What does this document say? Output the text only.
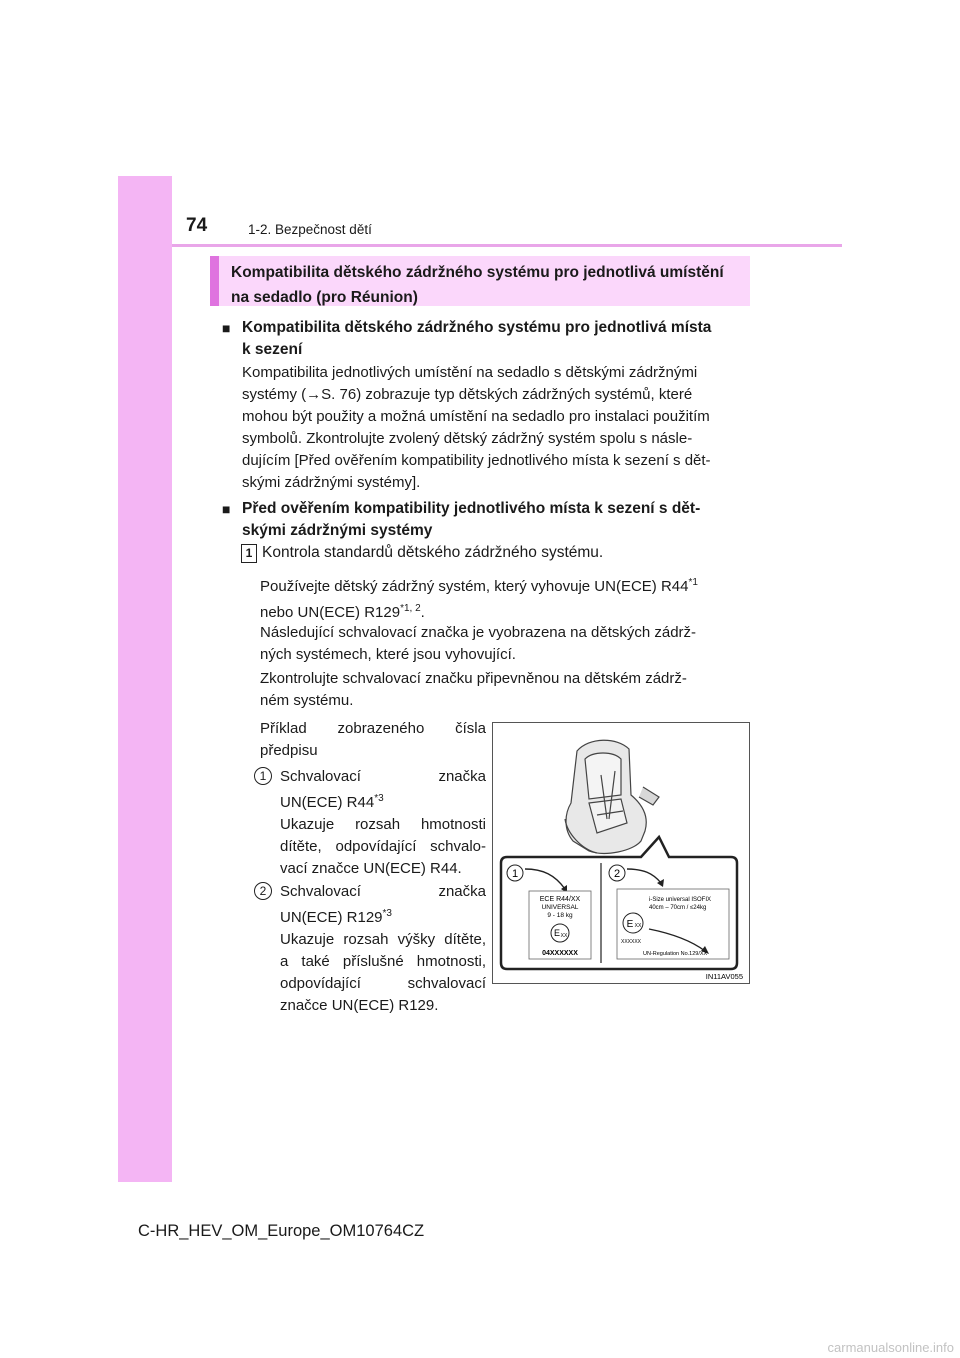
74	1-2. Bezpečnost dětí
Kompatibilita dětského zádržného systému pro jednotlivá umístění
na sedadlo (pro Réunion)
■ Kompatibilita dětského zádržného systému pro jednotlivá místa
k sezení
Kompatibilita jednotlivých umístění na sedadlo s dětskými zádržnými
systémy (→S. 76) zobrazuje typ dětských zádržných systémů, které
mohou být použity a možná umístění na sedadlo pro instalaci použitím
symbolů. Zkontrolujte zvolený dětský zádržný systém spolu s násle-
dujícím [Před ověřením kompatibility jednotlivého místa k sezení s dět-
skými zádržnými systémy].
■ Před ověřením kompatibility jednotlivého místa k sezení s dět-
skými zádržnými systémy
1 Kontrola standardů dětského zádržného systému.
Používejte dětský zádržný systém, který vyhovuje UN(ECE) R44$^{*1}$
nebo UN(ECE) R129$^{*1, 2}$.
Následující schvalovací značka je vyobrazena na dětských zádrž-
ných systémech, které jsou vyhovující.
Zkontrolujte schvalovací značku připevněnou na dětském zádrž-
ném systému.
Příklad zobrazeného čísla
předpisu
1 Schvalovací značka
UN(ECE) R44$^{*3}$
Ukazuje rozsah hmotnosti
dítěte, odpovídající schvalo-
vací značce UN(ECE) R44.
2 Schvalovací značka
UN(ECE) R129$^{*3}$
Ukazuje rozsah výšky dítěte,
a také příslušné hmotnosti,
odpovídající schvalovací
značce UN(ECE) R129.
1	2
ECE R44/XX
UNIVERSAL
9 - 18 kg
E XX
04XXXXXX
i-Size universal ISOFIX
40cm – 70cm / ≤24kg
E XX
XXXXXX
UN-Regulation No.129/XX
IN11AV055
C-HR_HEV_OM_Europe_OM10764CZ
carmanualsonline.info
